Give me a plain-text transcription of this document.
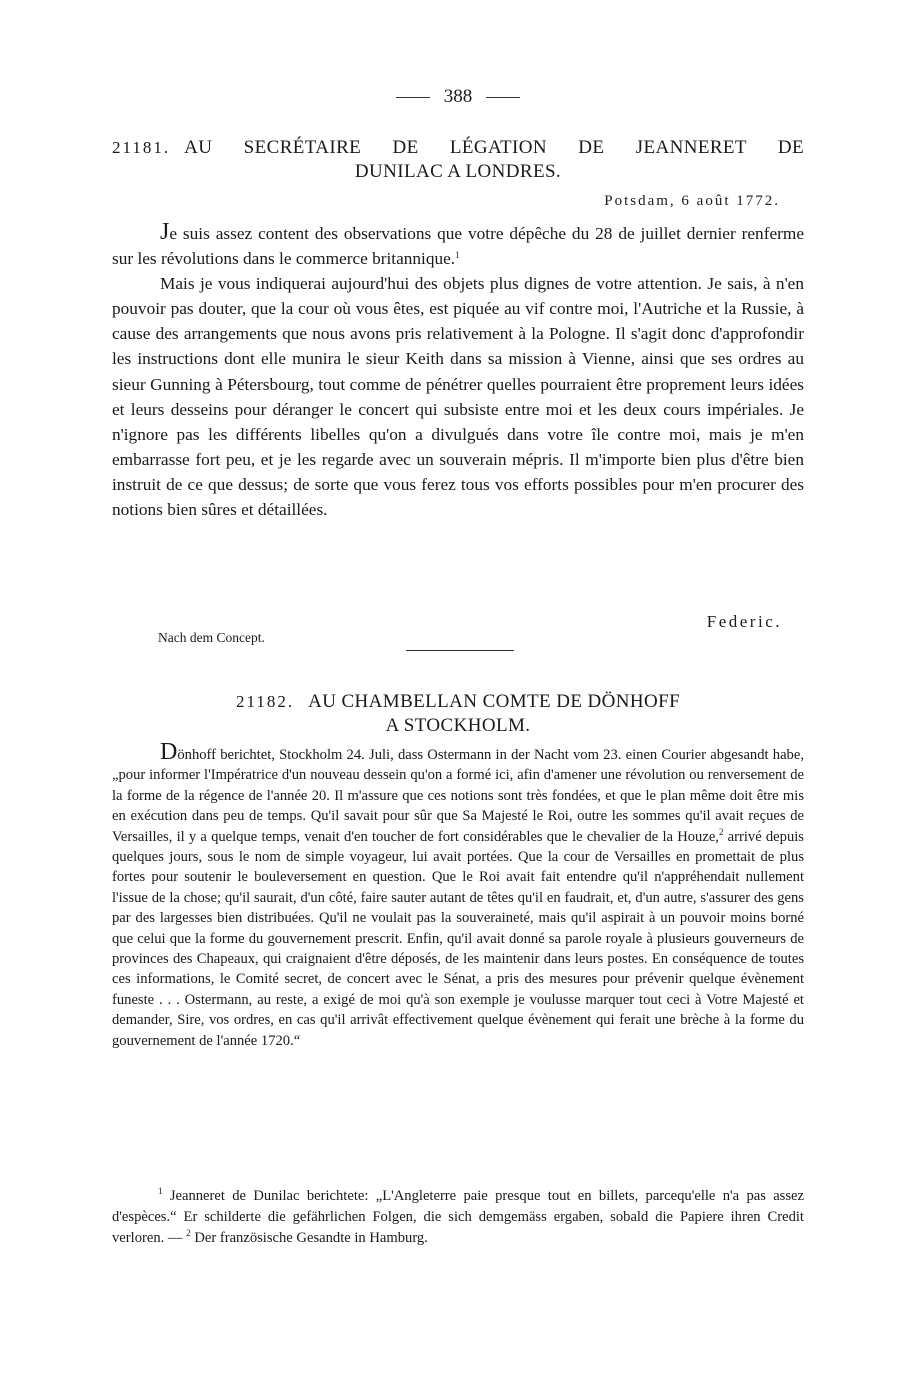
388
21181. AU SECRÉTAIRE DE LÉGATION DE JEANNERET DE
DUNILAC A LONDRES.
Potsdam, 6 août 1772.

Je suis assez content des observations que votre dépêche du 28 de juillet dernier renferme sur les révolutions dans le commerce britannique.$^1$

Mais je vous indiquerai aujourd'hui des objets plus dignes de votre attention. Je sais, à n'en pouvoir pas douter, que la cour où vous êtes, est piquée au vif contre moi, l'Autriche et la Russie, à cause des arrangements que nous avons pris relativement à la Pologne. Il s'agit donc d'approfondir les instructions dont elle munira le sieur Keith dans sa mission à Vienne, ainsi que ses ordres au sieur Gunning à Pétersbourg, tout comme de pénétrer quelles pourraient être proprement leurs idées et leurs desseins pour déranger le concert qui subsiste entre moi et les deux cours impériales. Je n'ignore pas les différents libelles qu'on a divulgués dans votre île contre moi, mais je m'en embarrasse fort peu, et je les regarde avec un souverain mépris. Il m'importe bien plus d'être bien instruit de ce que dessus; de sorte que vous ferez tous vos efforts possibles pour m'en procurer des notions bien sûres et détaillées.

Federic.
Nach dem Concept.
21182. AU CHAMBELLAN COMTE DE DÖNHOFF
A STOCKHOLM.

Dönhoff berichtet, Stockholm 24. Juli, dass Ostermann in der Nacht vom 23. einen Courier abgesandt habe, „pour informer l'Impératrice d'un nouveau dessein qu'on a formé ici, afin d'amener une révolution ou renversement de la forme de la régence de l'année 20. Il m'assure que ces notions sont très fondées, et que le plan même doit être mis en exécution dans peu de temps. Qu'il savait pour sûr que Sa Majesté le Roi, outre les sommes qu'il avait reçues de Versailles, il y a quelque temps, venait d'en toucher de fort considérables que le chevalier de la Houze,$^2$ arrivé depuis quelques jours, sous le nom de simple voyageur, lui avait portées. Que la cour de Versailles en promettait de plus fortes pour soutenir le bouleversement en question. Que le Roi avait fait entendre qu'il n'appréhendait nullement l'issue de la chose; qu'il saurait, d'un côté, faire sauter autant de têtes qu'il en faudrait, et, d'un autre, s'assurer des gens par des largesses bien distribuées. Qu'il ne voulait pas la souveraineté, mais qu'il aspirait à un pouvoir moins borné que celui que la forme du gouvernement prescrit. Enfin, qu'il avait donné sa parole royale à plusieurs gouverneurs de provinces des Chapeaux, qui craignaient d'être déposés, de les maintenir dans leurs postes. En conséquence de toutes ces informations, le Comité secret, de concert avec le Sénat, a pris des mesures pour prévenir quelque évènement funeste . . . Ostermann, au reste, a exigé de moi qu'à son exemple je voulusse marquer tout ceci à Votre Majesté et demander, Sire, vos ordres, en cas qu'il arrivât effectivement quelque évènement qui ferait une brèche à la forme du gouvernement de l'année 1720.“

$^1$ Jeanneret de Dunilac berichtete: „L'Angleterre paie presque tout en billets, parcequ'elle n'a pas assez d'espèces.“ Er schilderte die gefährlichen Folgen, die sich demgemäss ergaben, sobald die Papiere ihren Credit verloren. — $^2$ Der französische Gesandte in Hamburg.
